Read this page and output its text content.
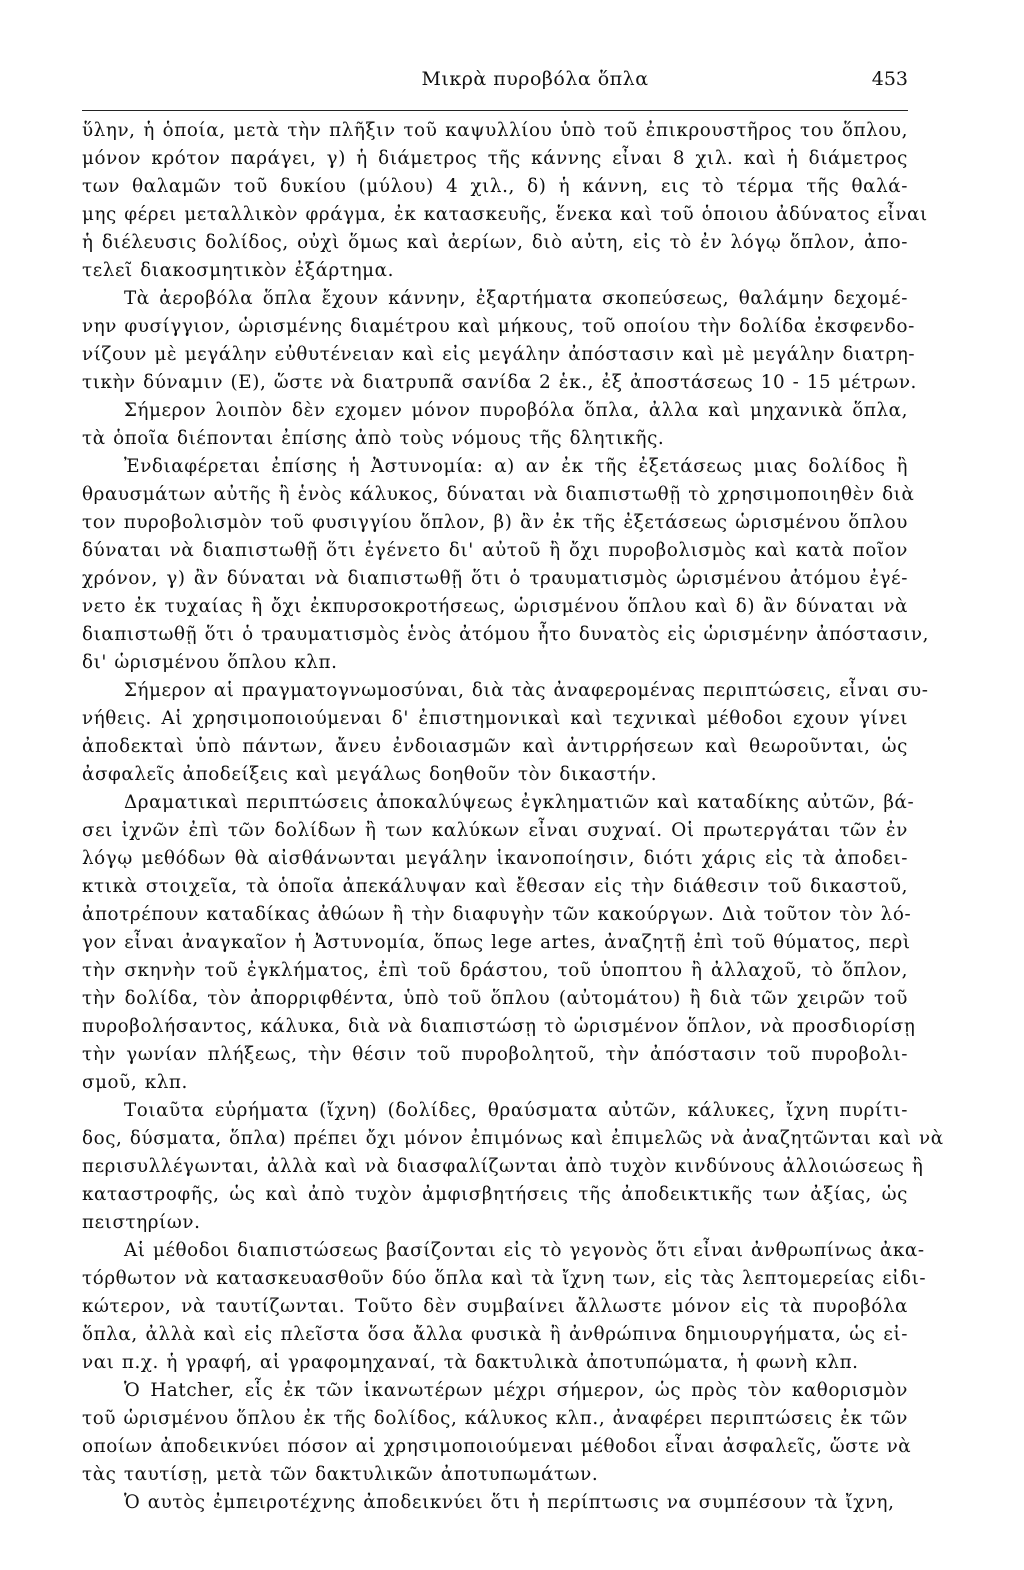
Μικρὰ πυροβόλα ὅπλα	453

ὕλην, ἡ ὁποία, μετὰ τὴν πλῆξιν τοῦ καψυλλίου ὑπὸ τοῦ ἐπικρουστῆρος του ὅπλου,
μόνον κρότον παράγει, γ) ἡ διάμετρος τῆς κάννης εἶναι 8 χιλ. καὶ ἡ διάμετρος
των θαλαμῶν τοῦ δυκίου (μύλου) 4 χιλ., δ) ἡ κάννη, εις τὸ τέρμα τῆς θαλά-
μης φέρει μεταλλικὸν φράγμα, ἐκ κατασκευῆς, ἕνεκα καὶ τοῦ ὁποιου ἀδύνατος εἶναι
ἡ διέλευσις δολίδος, οὐχὶ ὅμως καὶ ἀερίων, διὸ αὐτη, εἰς τὸ ἐν λόγῳ ὅπλον, ἀπο-
τελεῖ διακοσμητικὸν ἐξάρτημα.

Τὰ ἀεροβόλα ὅπλα ἔχουν κάννην, ἐξαρτήματα σκοπεύσεως, θαλάμην δεχομέ-
νην φυσίγγιον, ὡρισμένης διαμέτρου καὶ μήκους, τοῦ οποίου τὴν δολίδα ἐκσφενδο-
νίζουν μὲ μεγάλην εὐθυτένειαν καὶ εἰς μεγάλην ἀπόστασιν καὶ μὲ μεγάλην διατρη-
τικὴν δύναμιν (Ε), ὥστε νὰ διατρυπᾶ σανίδα 2 ἑκ., ἐξ ἀποστάσεως 10 - 15 μέτρων.

Σήμερον λοιπὸν δὲν εχομεν μόνον πυροβόλα ὅπλα, ἀλλα καὶ μηχανικὰ ὅπλα,
τὰ ὁποῖα διέπονται ἐπίσης ἀπὸ τοὺς νόμους τῆς δλητικῆς.

Ἐνδιαφέρεται ἐπίσης ἡ Ἀστυνομία: α) αν ἐκ τῆς ἐξετάσεως μιας δολίδος ἢ
θραυσμάτων αὐτῆς ἢ ἑνὸς κάλυκος, δύναται νὰ διαπιστωθῇ τὸ χρησιμοποιηθὲν διὰ
τον πυροβολισμὸν τοῦ φυσιγγίου ὅπλον, β) ἂν ἐκ τῆς ἐξετάσεως ὡρισμένου ὅπλου
δύναται νὰ διαπιστωθῇ ὅτι ἐγένετο δι' αὐτοῦ ἢ ὄχι πυροβολισμὸς καὶ κατὰ ποῖον
χρόνον, γ) ἂν δύναται νὰ διαπιστωθῇ ὅτι ὁ τραυματισμὸς ὡρισμένου ἀτόμου ἐγέ-
νετο ἐκ τυχαίας ἢ ὄχι ἐκπυρσοκροτήσεως, ὡρισμένου ὅπλου καὶ δ) ἂν δύναται νὰ
διαπιστωθῇ ὅτι ὁ τραυματισμὸς ἑνὸς ἀτόμου ἦτο δυνατὸς εἰς ὡρισμένην ἀπόστασιν,
δι' ὡρισμένου ὅπλου κλπ.

Σήμερον αἱ πραγματογνωμοσύναι, διὰ τὰς ἀναφερομένας περιπτώσεις, εἶναι συ-
νήθεις. Αἱ χρησιμοποιούμεναι δ' ἐπιστημονικαὶ καὶ τεχνικαὶ μέθοδοι εχουν γίνει
ἀποδεκταὶ ὑπὸ πάντων, ἄνευ ἐνδοιασμῶν καὶ ἀντιρρήσεων καὶ θεωροῦνται, ὡς
ἀσφαλεῖς ἀποδείξεις καὶ μεγάλως δοηθοῦν τὸν δικαστήν.

Δραματικαὶ περιπτώσεις ἀποκαλύψεως ἐγκληματιῶν καὶ καταδίκης αὐτῶν, βά-
σει ἰχνῶν ἐπὶ τῶν δολίδων ἢ των καλύκων εἶναι συχναί. Οἱ πρωτεργάται τῶν ἐν
λόγῳ μεθόδων θὰ αἰσθάνωνται μεγάλην ἱκανοποίησιν, διότι χάρις εἰς τὰ ἀποδει-
κτικὰ στοιχεῖα, τὰ ὁποῖα ἀπεκάλυψαν καὶ ἔθεσαν εἰς τὴν διάθεσιν τοῦ δικαστοῦ,
ἀποτρέπουν καταδίκας ἀθώων ἢ τὴν διαφυγὴν τῶν κακούργων. Διὰ τοῦτον τὸν λό-
γον εἶναι ἀναγκαῖον ἡ Ἀστυνομία, ὅπως lege artes, ἀναζητῇ ἐπὶ τοῦ θύματος, περὶ
τὴν σκηνὴν τοῦ ἐγκλήματος, ἐπὶ τοῦ δράστου, τοῦ ὑποπτου ἢ ἀλλαχοῦ, τὸ ὅπλον,
τὴν δολίδα, τὸν ἀπορριφθέντα, ὑπὸ τοῦ ὅπλου (αὐτομάτου) ἢ διὰ τῶν χειρῶν τοῦ
πυροβολήσαντος, κάλυκα, διὰ νὰ διαπιστώσῃ τὸ ὡρισμένον ὅπλον, νὰ προσδιορίσῃ
τὴν γωνίαν πλήξεως, τὴν θέσιν τοῦ πυροβολητοῦ, τὴν ἀπόστασιν τοῦ πυροβολι-
σμοῦ, κλπ.

Τοιαῦτα εὑρήματα (ἴχνη) (δολίδες, θραύσματα αὐτῶν, κάλυκες, ἴχνη πυρίτι-
δος, δύσματα, ὅπλα) πρέπει ὄχι μόνον ἐπιμόνως καὶ ἐπιμελῶς νὰ ἀναζητῶνται καὶ νὰ
περισυλλέγωνται, ἀλλὰ καὶ νὰ διασφαλίζωνται ἀπὸ τυχὸν κινδύνους ἀλλοιώσεως ἢ
καταστροφῆς, ὡς καὶ ἀπὸ τυχὸν ἀμφισβητήσεις τῆς ἀποδεικτικῆς των ἀξίας, ὡς
πειστηρίων.

Αἱ μέθοδοι διαπιστώσεως βασίζονται εἰς τὸ γεγονὸς ὅτι εἶναι ἀνθρωπίνως ἀκα-
τόρθωτον νὰ κατασκευασθοῦν δύο ὅπλα καὶ τὰ ἴχνη των, εἰς τὰς λεπτομερείας εἰδι-
κώτερον, νὰ ταυτίζωνται. Τοῦτο δὲν συμβαίνει ἄλλωστε μόνον εἰς τὰ πυροβόλα
ὅπλα, ἀλλὰ καὶ εἰς πλεῖστα ὅσα ἄλλα φυσικὰ ἢ ἀνθρώπινα δημιουργήματα, ὡς εἰ-
ναι π.χ. ἡ γραφή, αἱ γραφομηχαναί, τὰ δακτυλικὰ ἀποτυπώματα, ἡ φωνὴ κλπ.

Ὁ Hatcher, εἷς ἐκ τῶν ἱκανωτέρων μέχρι σήμερον, ὡς πρὸς τὸν καθορισμὸν
τοῦ ὡρισμένου ὅπλου ἐκ τῆς δολίδος, κάλυκος κλπ., ἀναφέρει περιπτώσεις ἐκ τῶν
οποίων ἀποδεικνύει πόσον αἱ χρησιμοποιούμεναι μέθοδοι εἶναι ἀσφαλεῖς, ὥστε νὰ
τὰς ταυτίσῃ, μετὰ τῶν δακτυλικῶν ἀποτυπωμάτων.

Ὁ αυτὸς ἐμπειροτέχνης ἀποδεικνύει ὅτι ἡ περίπτωσις να συμπέσουν τὰ ἴχνη,
